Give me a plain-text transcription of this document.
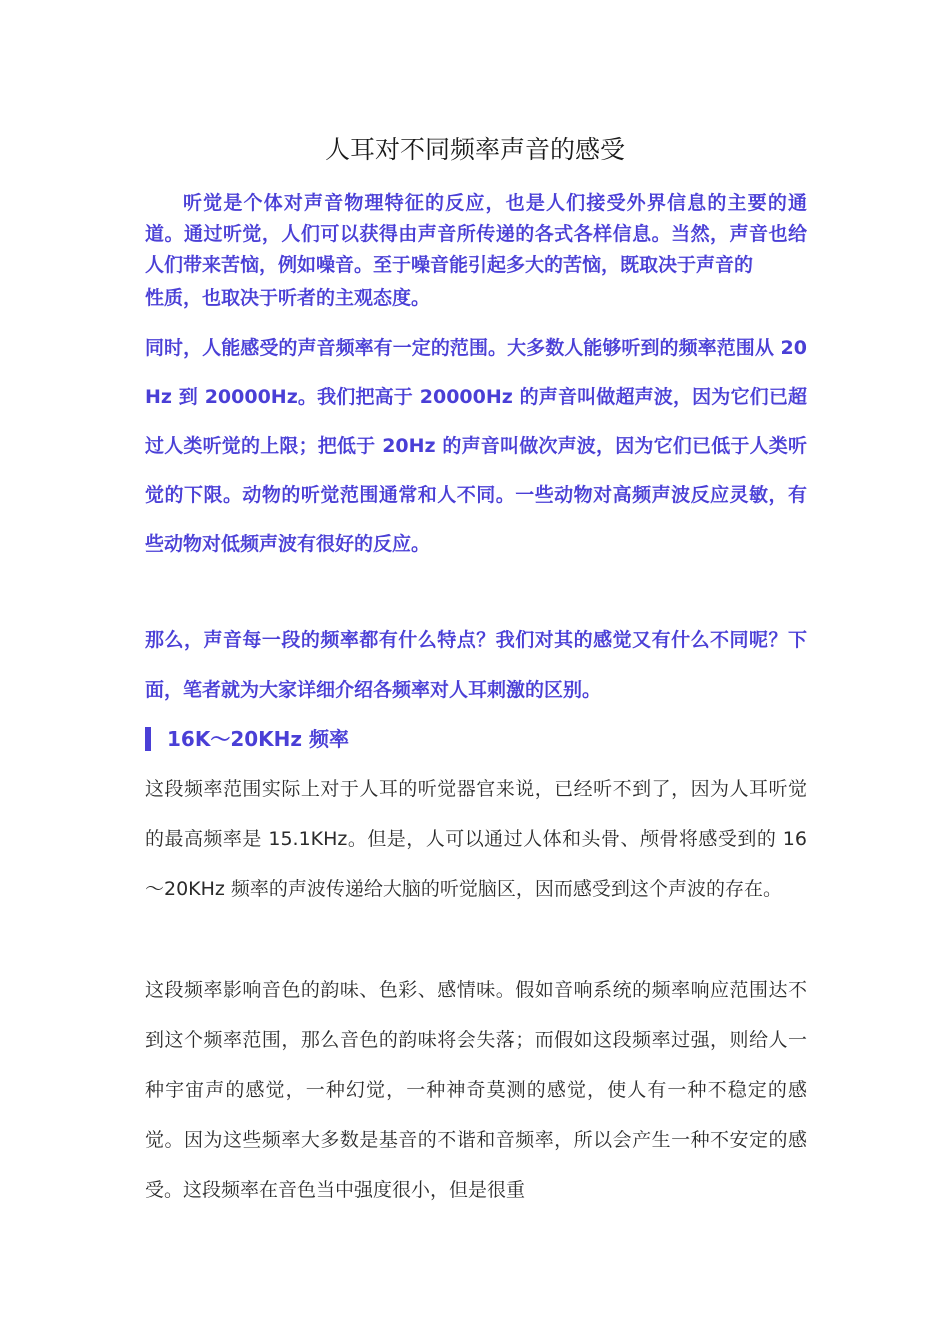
人耳对不同频率声音的感受

听觉是个体对声音物理特征的反应，也是人们接受外界信息的主要的通道。通过听觉，人们可以获得由声音所传递的各式各样信息。当然，声音也给人们带来苦恼，例如噪音。至于噪音能引起多大的苦恼，既取决于声音的

性质，也取决于听者的主观态度。

同时，人能感受的声音频率有一定的范围。大多数人能够听到的频率范围从 20Hz 到 20000Hz。我们把高于 20000Hz 的声音叫做超声波，因为它们已超过人类听觉的上限；把低于 20Hz 的声音叫做次声波，因为它们已低于人类听觉的下限。动物的听觉范围通常和人不同。一些动物对高频声波反应灵敏，有些动物对低频声波有很好的反应。

那么，声音每一段的频率都有什么特点？我们对其的感觉又有什么不同呢？下面，笔者就为大家详细介绍各频率对人耳刺激的区别。

16K～20KHz 频率

这段频率范围实际上对于人耳的听觉器官来说，已经听不到了，因为人耳听觉的最高频率是 15.1KHz。但是，人可以通过人体和头骨、颅骨将感受到的 16～20KHz 频率的声波传递给大脑的听觉脑区，因而感受到这个声波的存在。

这段频率影响音色的韵味、色彩、感情味。假如音响系统的频率响应范围达不到这个频率范围，那么音色的韵味将会失落；而假如这段频率过强，则给人一种宇宙声的感觉，一种幻觉，一种神奇莫测的感觉，使人有一种不稳定的感觉。因为这些频率大多数是基音的不谐和音频率，所以会产生一种不安定的感受。这段频率在音色当中强度很小，但是很重
